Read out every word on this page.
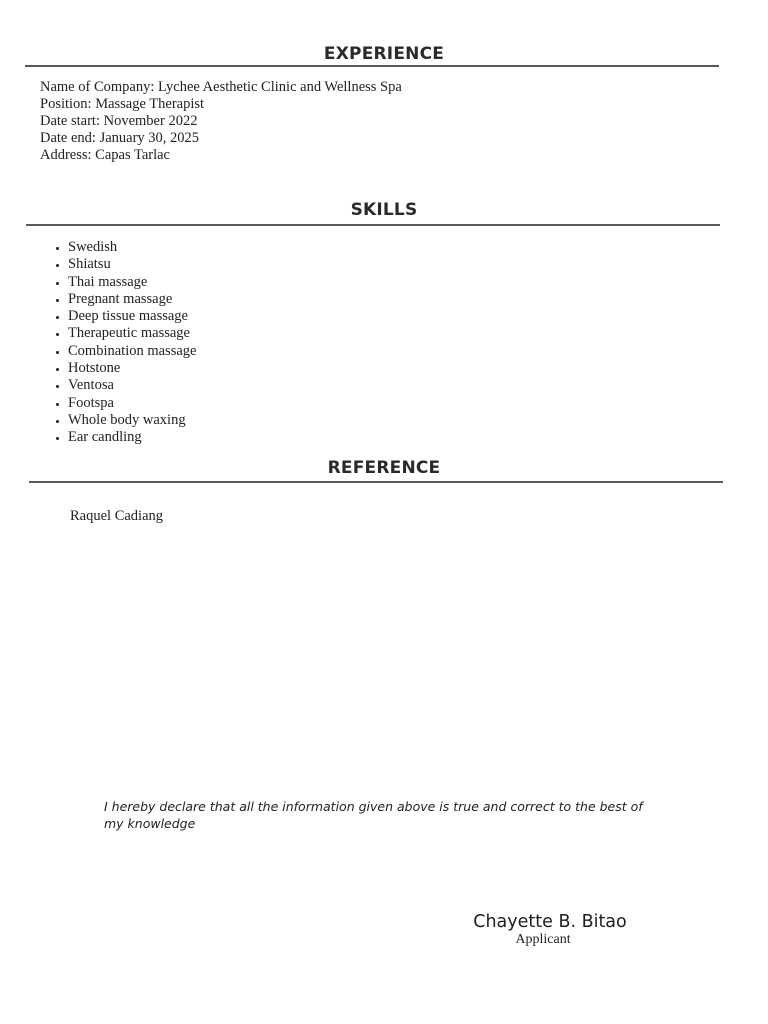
EXPERIENCE
Name of Company: Lychee Aesthetic Clinic and Wellness Spa
Position: Massage Therapist
Date start: November 2022
Date end: January 30, 2025
Address: Capas Tarlac
SKILLS
• Swedish
• Shiatsu
• Thai massage
• Pregnant massage
• Deep tissue massage
• Therapeutic massage
• Combination massage
• Hotstone
• Ventosa
• Footspa
• Whole body waxing
• Ear candling
REFERENCE
Raquel Cadiang
I hereby declare that all the information given above is true and correct to the best of my knowledge
Chayette B. Bitao
Applicant
